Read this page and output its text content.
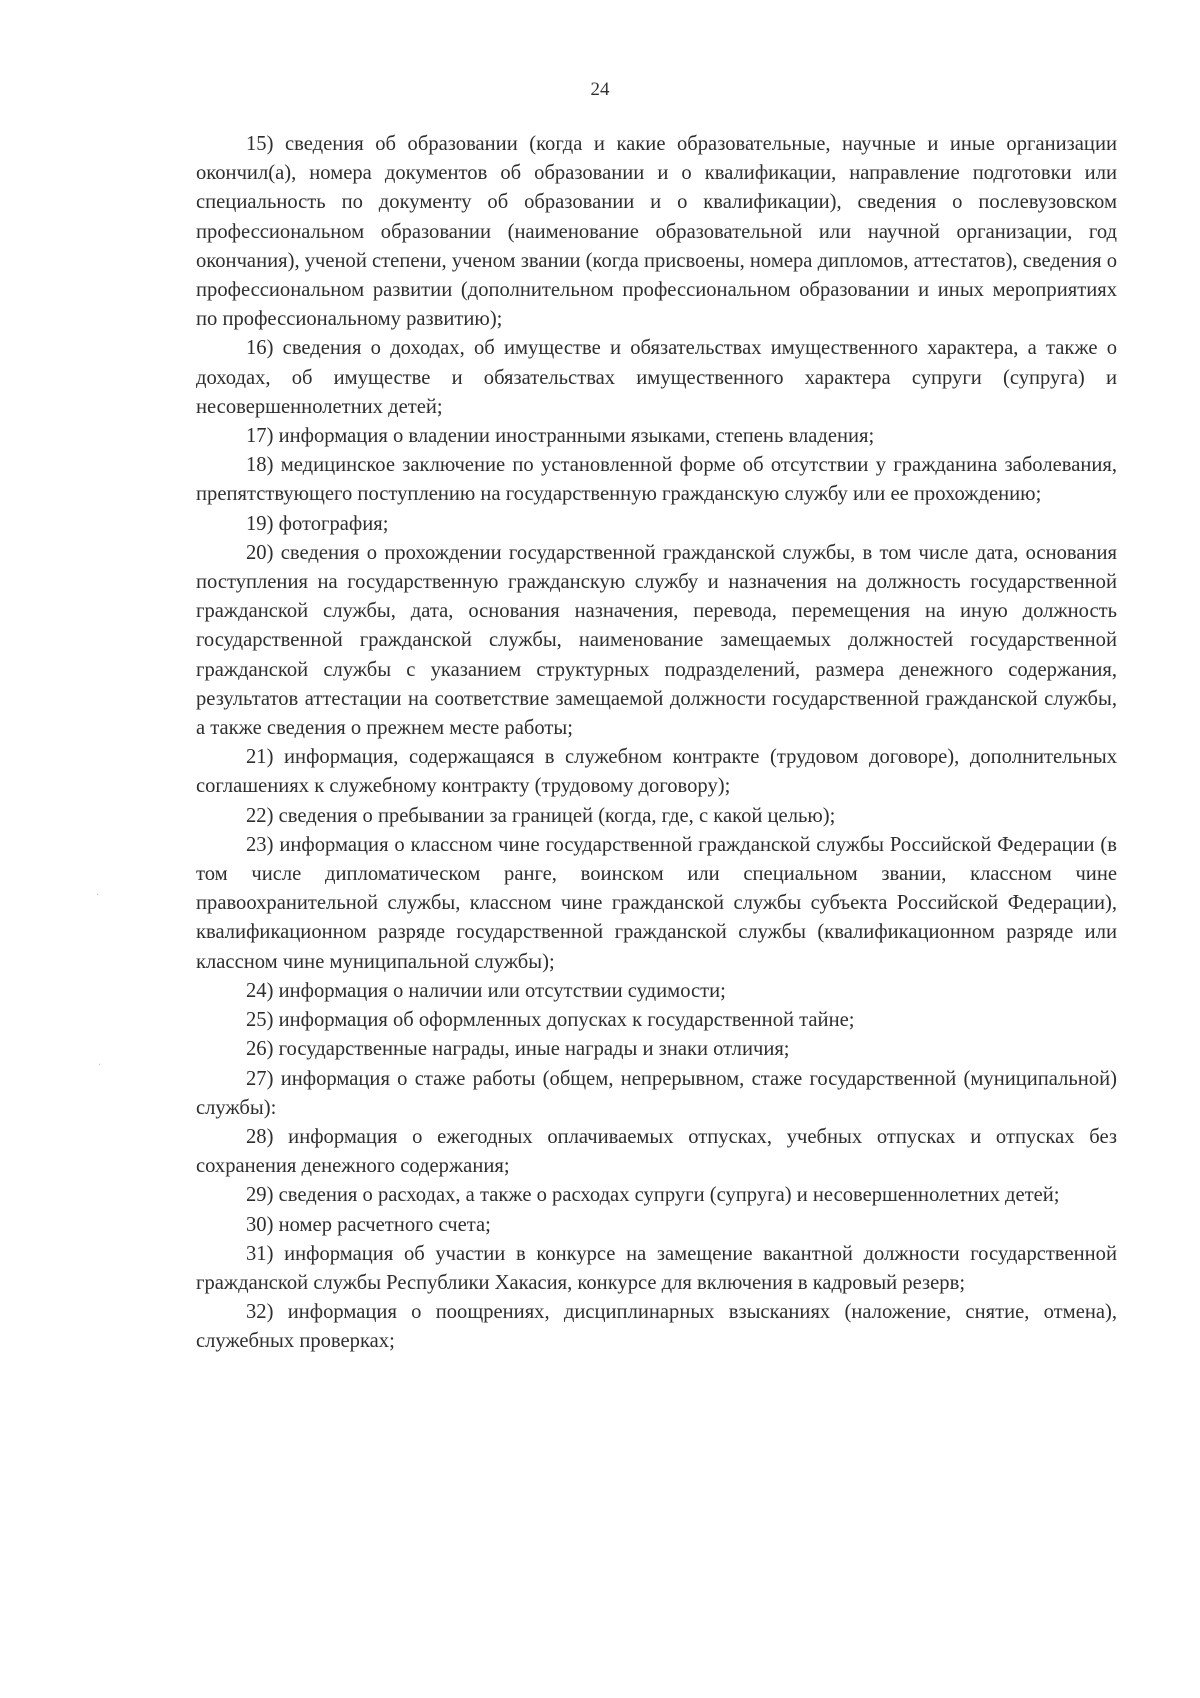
24

15) сведения об образовании (когда и какие образовательные, научные и иные организации окончил(а), номера документов об образовании и о квалификации, направление подготовки или специальность по документу об образовании и о квалификации), сведения о послевузовском профессиональном образовании (наименование образовательной или научной организации, год окончания), ученой степени, ученом звании (когда присвоены, номера дипломов, аттестатов), сведения о профессиональном развитии (дополнительном профессиональном образовании и иных мероприятиях по профессиональному развитию);

16) сведения о доходах, об имуществе и обязательствах имущественного характера, а также о доходах, об имуществе и обязательствах имущественного характера супруги (супруга) и несовершеннолетних детей;

17) информация о владении иностранными языками, степень владения;

18) медицинское заключение по установленной форме об отсутствии у гражданина заболевания, препятствующего поступлению на государственную гражданскую службу или ее прохождению;

19) фотография;

20) сведения о прохождении государственной гражданской службы, в том числе дата, основания поступления на государственную гражданскую службу и назначения на должность государственной гражданской службы, дата, основания назначения, перевода, перемещения на иную должность государственной гражданской службы, наименование замещаемых должностей государственной гражданской службы с указанием структурных подразделений, размера денежного содержания, результатов аттестации на соответствие замещаемой должности государственной гражданской службы, а также сведения о прежнем месте работы;

21) информация, содержащаяся в служебном контракте (трудовом договоре), дополнительных соглашениях к служебному контракту (трудовому договору);

22) сведения о пребывании за границей (когда, где, с какой целью);

23) информация о классном чине государственной гражданской службы Российской Федерации (в том числе дипломатическом ранге, воинском или специальном звании, классном чине правоохранительной службы, классном чине гражданской службы субъекта Российской Федерации), квалификационном разряде государственной гражданской службы (квалификационном разряде или классном чине муниципальной службы);

24) информация о наличии или отсутствии судимости;

25) информация об оформленных допусках к государственной тайне;

26) государственные награды, иные награды и знаки отличия;

27) информация о стаже работы (общем, непрерывном, стаже государственной (муниципальной) службы):

28) информация о ежегодных оплачиваемых отпусках, учебных отпусках и отпусках без сохранения денежного содержания;

29) сведения о расходах, а также о расходах супруги (супруга) и несовершеннолетних детей;

30) номер расчетного счета;

31) информация об участии в конкурсе на замещение вакантной должности государственной гражданской службы Республики Хакасия, конкурсе для включения в кадровый резерв;

32) информация о поощрениях, дисциплинарных взысканиях (наложение, снятие, отмена), служебных проверках;

·
·
